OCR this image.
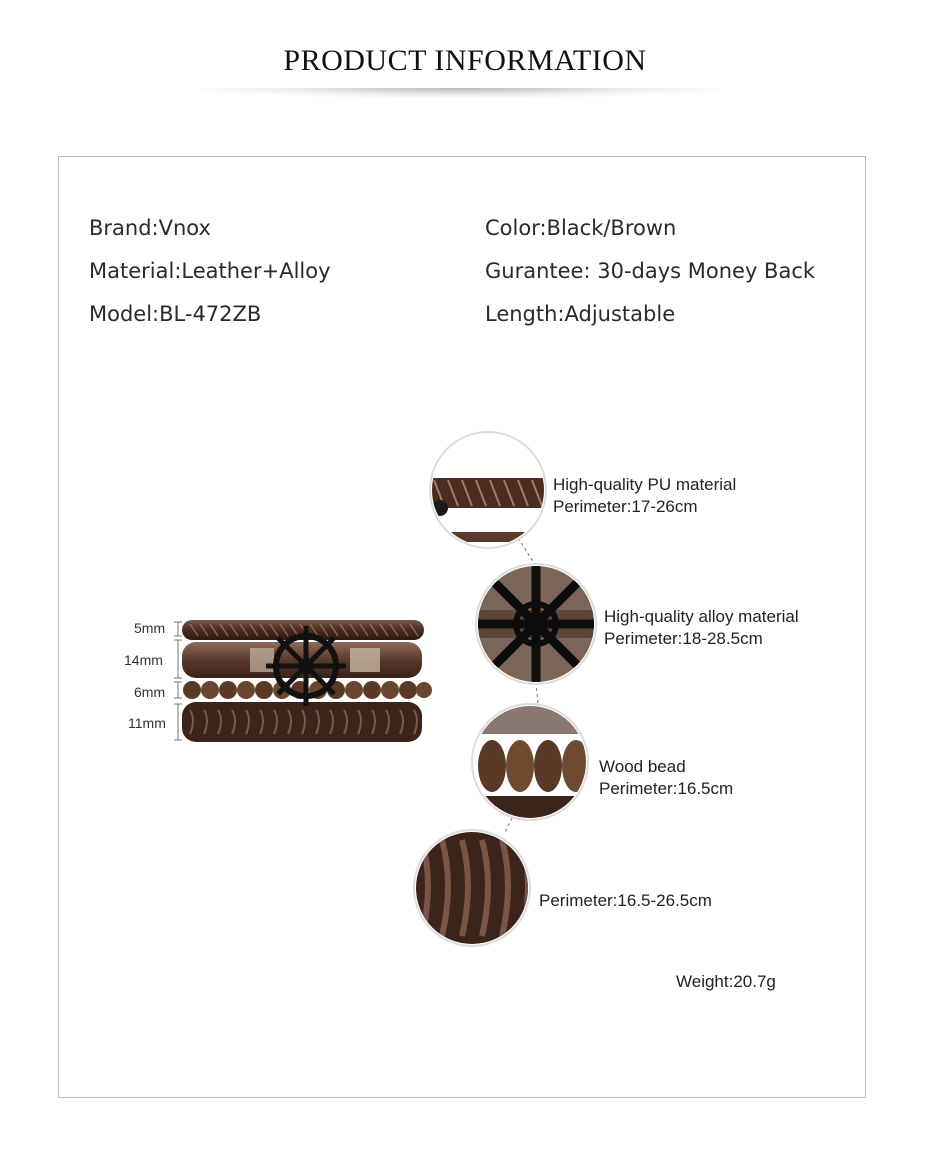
PRODUCT INFORMATION
Brand:Vnox
Material:Leather+Alloy
Model:BL-472ZB
Color:Black/Brown
Gurantee: 30-days Money Back
Length:Adjustable
5mm
14mm
6mm
11mm
High-quality PU material
Perimeter:17-26cm
High-quality alloy material
Perimeter:18-28.5cm
Wood bead
Perimeter:16.5cm
Perimeter:16.5-26.5cm
Weight:20.7g
